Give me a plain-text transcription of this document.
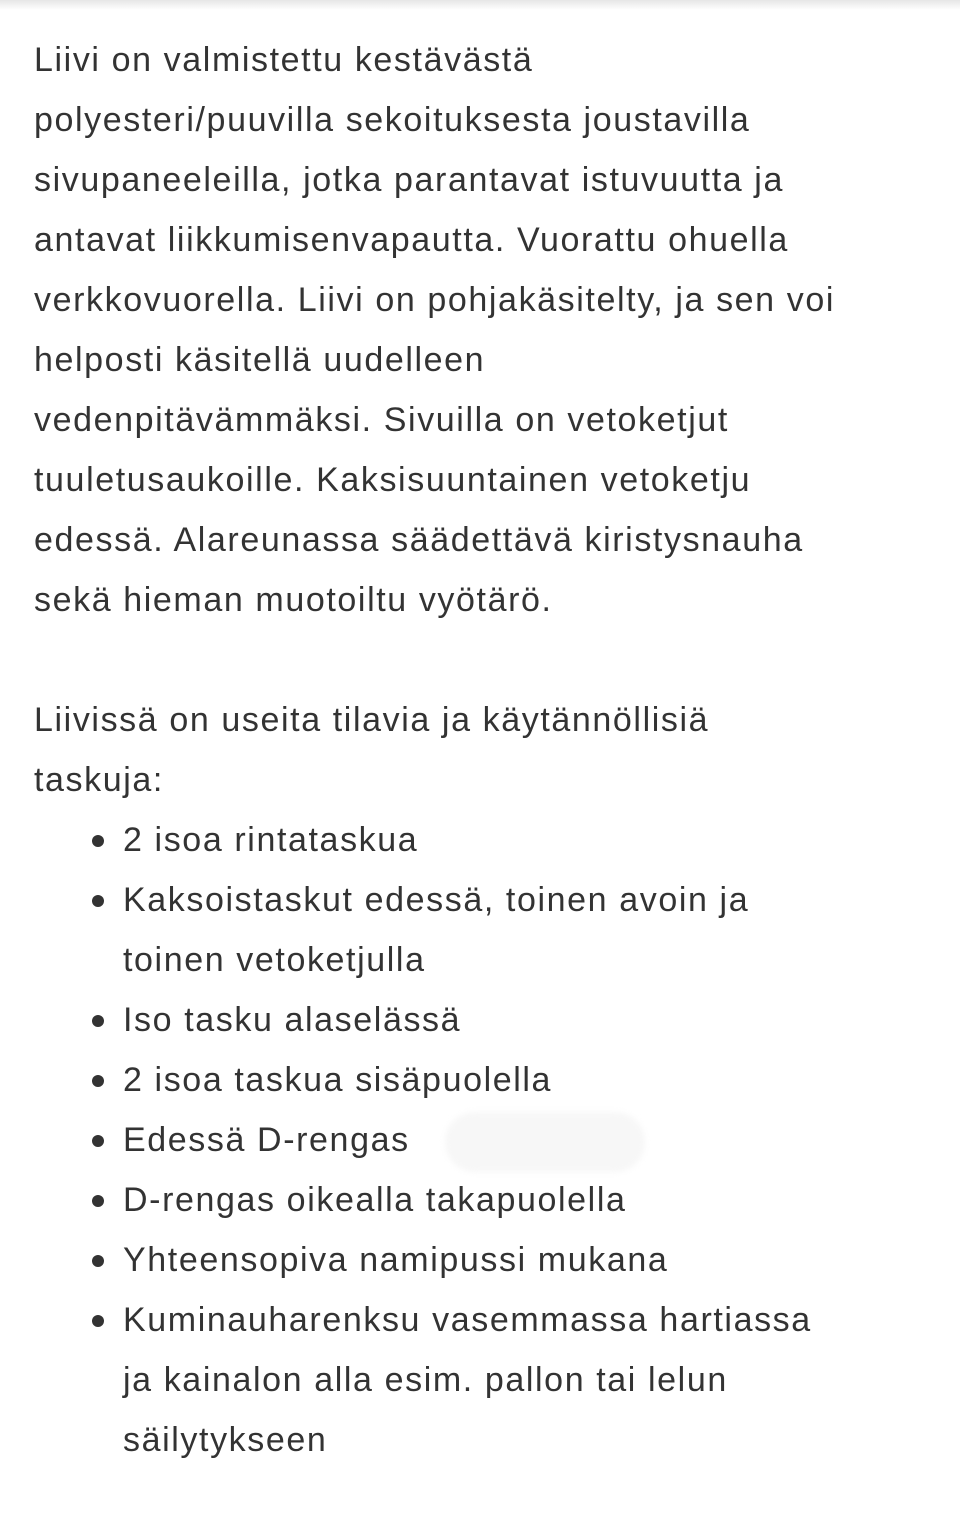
Liivi on valmistettu kestävästä
polyesteri/puuvilla sekoituksesta joustavilla
sivupaneeleilla, jotka parantavat istuvuutta ja
antavat liikkumisenvapautta. Vuorattu ohuella
verkkovuorella. Liivi on pohjakäsitelty, ja sen voi
helposti käsitellä uudelleen
vedenpitävämmäksi. Sivuilla on vetoketjut
tuuletusaukoille. Kaksisuuntainen vetoketju
edessä. Alareunassa säädettävä kiristysnauha
sekä hieman muotoiltu vyötärö.

Liivissä on useita tilavia ja käytännöllisiä
taskuja:

2 isoa rintataskua
Kaksoistaskut edessä, toinen avoin ja
toinen vetoketjulla
Iso tasku alaselässä
2 isoa taskua sisäpuolella
Edessä D-rengas
D-rengas oikealla takapuolella
Yhteensopiva namipussi mukana
Kuminauharenksu vasemmassa hartiassa
ja kainalon alla esim. pallon tai lelun
säilytykseen
